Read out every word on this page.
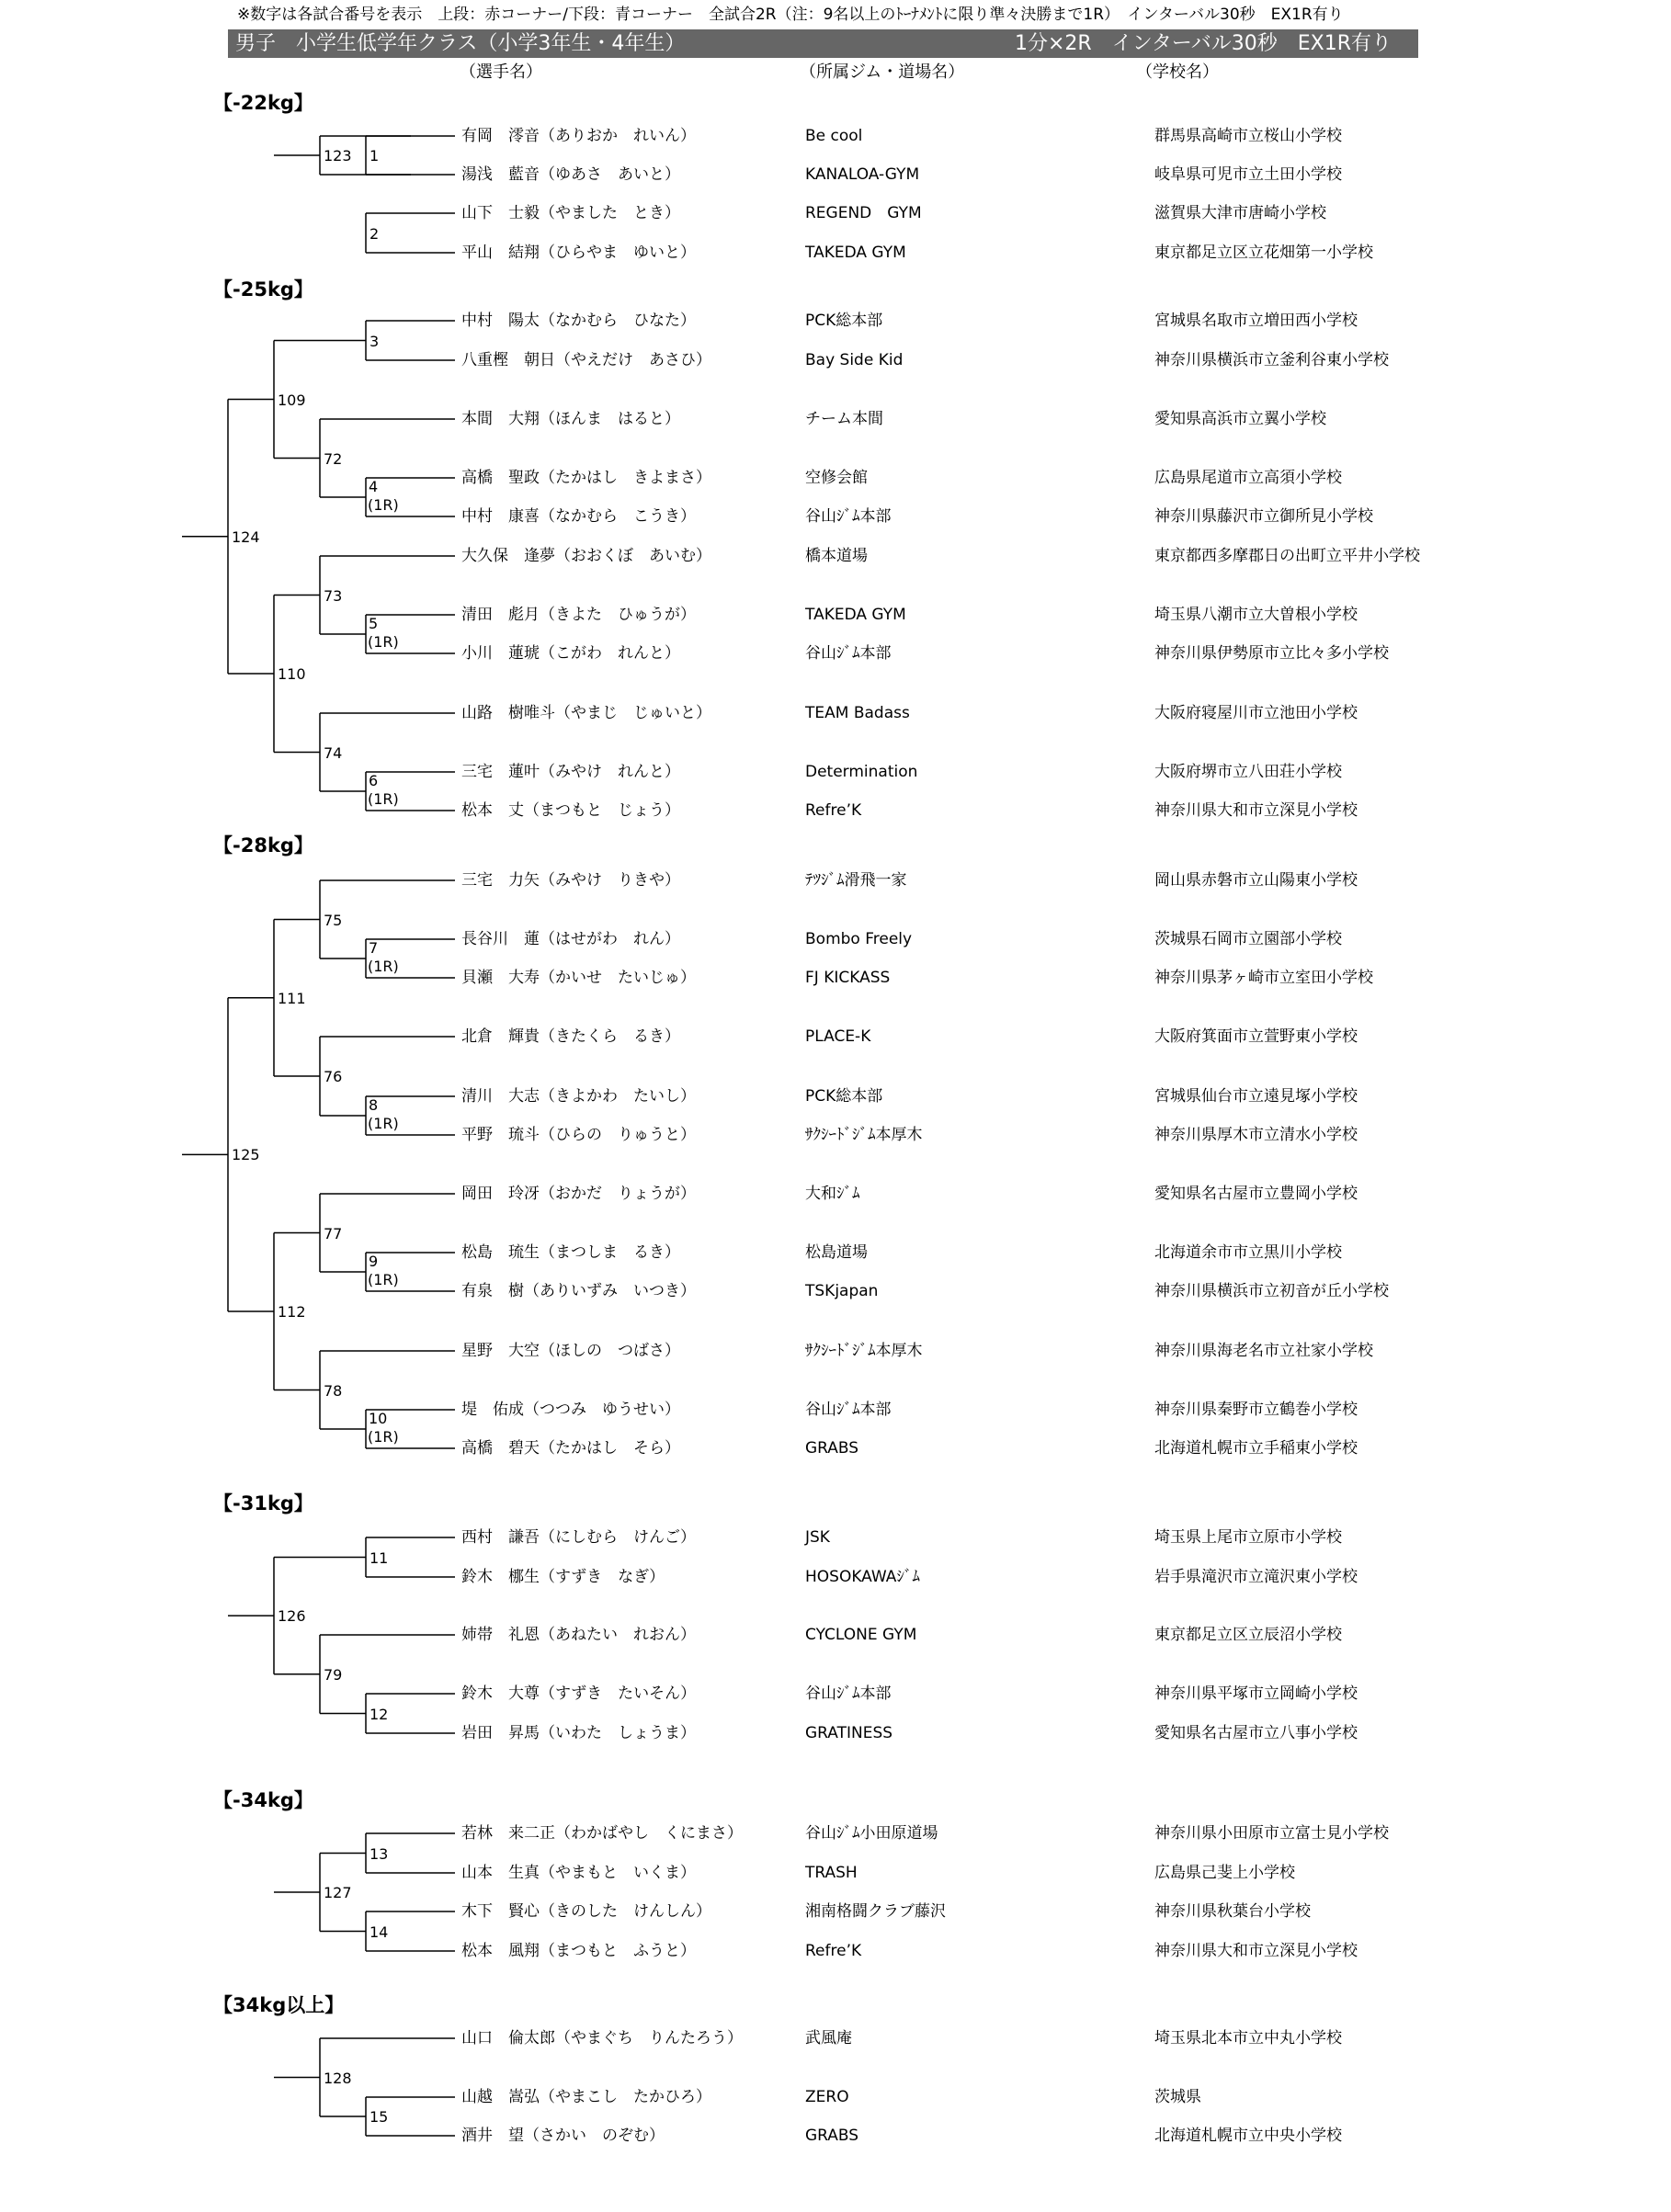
※数字は各試合番号を表示　上段：赤コーナー/下段：青コーナー　全試合2R（注：9名以上のﾄｰﾅﾒﾝﾄに限り準々決勝まで1R）　インターバル30秒　EX1R有り
男子　小学生低学年クラス（小学3年生・4年生）	1分×2R　インターバル30秒　EX1R有り
（選手名）	（所属ジム・道場名）	（学校名）
【-22kg】
有岡　澪音（ありおか　れいん）	Be cool	群馬県高崎市立桜山小学校
湯浅　藍音（ゆあさ　あいと）	KANALOA-GYM	岐阜県可児市立土田小学校
山下　士毅（やました　とき）	REGEND　GYM	滋賀県大津市唐崎小学校
平山　結翔（ひらやま　ゆいと）	TAKEDA GYM	東京都足立区立花畑第一小学校
1
2
123
【-25kg】
中村　陽太（なかむら　ひなた）	PCK総本部	宮城県名取市立増田西小学校
八重樫　朝日（やえだけ　あさひ）	Bay Side Kid	神奈川県横浜市立釜利谷東小学校
本間　大翔（ほんま　はると）	チーム本間	愛知県高浜市立翼小学校
高橋　聖政（たかはし　きよまさ）	空修会館	広島県尾道市立高須小学校
中村　康喜（なかむら　こうき）	谷山ｼﾞﾑ本部	神奈川県藤沢市立御所見小学校
大久保　逢夢（おおくぼ　あいむ）	橋本道場	東京都西多摩郡日の出町立平井小学校
清田　彪月（きよた　ひゅうが）	TAKEDA GYM	埼玉県八潮市立大曽根小学校
小川　蓮琥（こがわ　れんと）	谷山ｼﾞﾑ本部	神奈川県伊勢原市立比々多小学校
山路　樹唯斗（やまじ　じゅいと）	TEAM Badass	大阪府寝屋川市立池田小学校
三宅　蓮叶（みやけ　れんと）	Determination	大阪府堺市立八田荘小学校
松本　丈（まつもと　じょう）	Refre’K	神奈川県大和市立深見小学校
3
4
(1R)
5
(1R)
6
(1R)
72
73
74
109
110
124
【-28kg】
三宅　力矢（みやけ　りきや）	ﾃﾂｼﾞﾑ滑飛一家	岡山県赤磐市立山陽東小学校
長谷川　蓮（はせがわ　れん）	Bombo Freely	茨城県石岡市立園部小学校
貝瀬　大寿（かいせ　たいじゅ）	FJ KICKASS	神奈川県茅ヶ崎市立室田小学校
北倉　輝貴（きたくら　るき）	PLACE-K	大阪府箕面市立萱野東小学校
清川　大志（きよかわ　たいし）	PCK総本部	宮城県仙台市立遠見塚小学校
平野　琉斗（ひらの　りゅうと）	ｻｸｼｰﾄﾞｼﾞﾑ本厚木	神奈川県厚木市立清水小学校
岡田　玲冴（おかだ　りょうが）	大和ｼﾞﾑ	愛知県名古屋市立豊岡小学校
松島　琉生（まつしま　るき）	松島道場	北海道余市市立黒川小学校
有泉　樹（ありいずみ　いつき）	TSKjapan	神奈川県横浜市立初音が丘小学校
星野　大空（ほしの　つばさ）	ｻｸｼｰﾄﾞｼﾞﾑ本厚木	神奈川県海老名市立社家小学校
堤　佑成（つつみ　ゆうせい）	谷山ｼﾞﾑ本部	神奈川県秦野市立鶴巻小学校
高橋　碧天（たかはし　そら）	GRABS	北海道札幌市立手稲東小学校
7
(1R)
8
(1R)
9
(1R)
10
(1R)
75
76
77
78
111
112
125
【-31kg】
西村　謙吾（にしむら　けんご）	JSK	埼玉県上尾市立原市小学校
鈴木　梛生（すずき　なぎ）	HOSOKAWAｼﾞﾑ	岩手県滝沢市立滝沢東小学校
姉帯　礼恩（あねたい　れおん）	CYCLONE GYM	東京都足立区立辰沼小学校
鈴木　大尊（すずき　たいそん）	谷山ｼﾞﾑ本部	神奈川県平塚市立岡崎小学校
岩田　昇馬（いわた　しょうま）	GRATINESS	愛知県名古屋市立八事小学校
11
12
79
126
【-34kg】
若林　来二正（わかばやし　くにまさ）	谷山ｼﾞﾑ小田原道場	神奈川県小田原市立富士見小学校
山本　生真（やまもと　いくま）	TRASH	広島県己斐上小学校
木下　賢心（きのした　けんしん）	湘南格闘クラブ藤沢	神奈川県秋葉台小学校
松本　風翔（まつもと　ふうと）	Refre’K	神奈川県大和市立深見小学校
13
14
127
【34kg以上】
山口　倫太郎（やまぐち　りんたろう）	武風庵	埼玉県北本市立中丸小学校
山越　嵩弘（やまこし　たかひろ）	ZERO	茨城県
酒井　望（さかい　のぞむ）	GRABS	北海道札幌市立中央小学校
15
128
